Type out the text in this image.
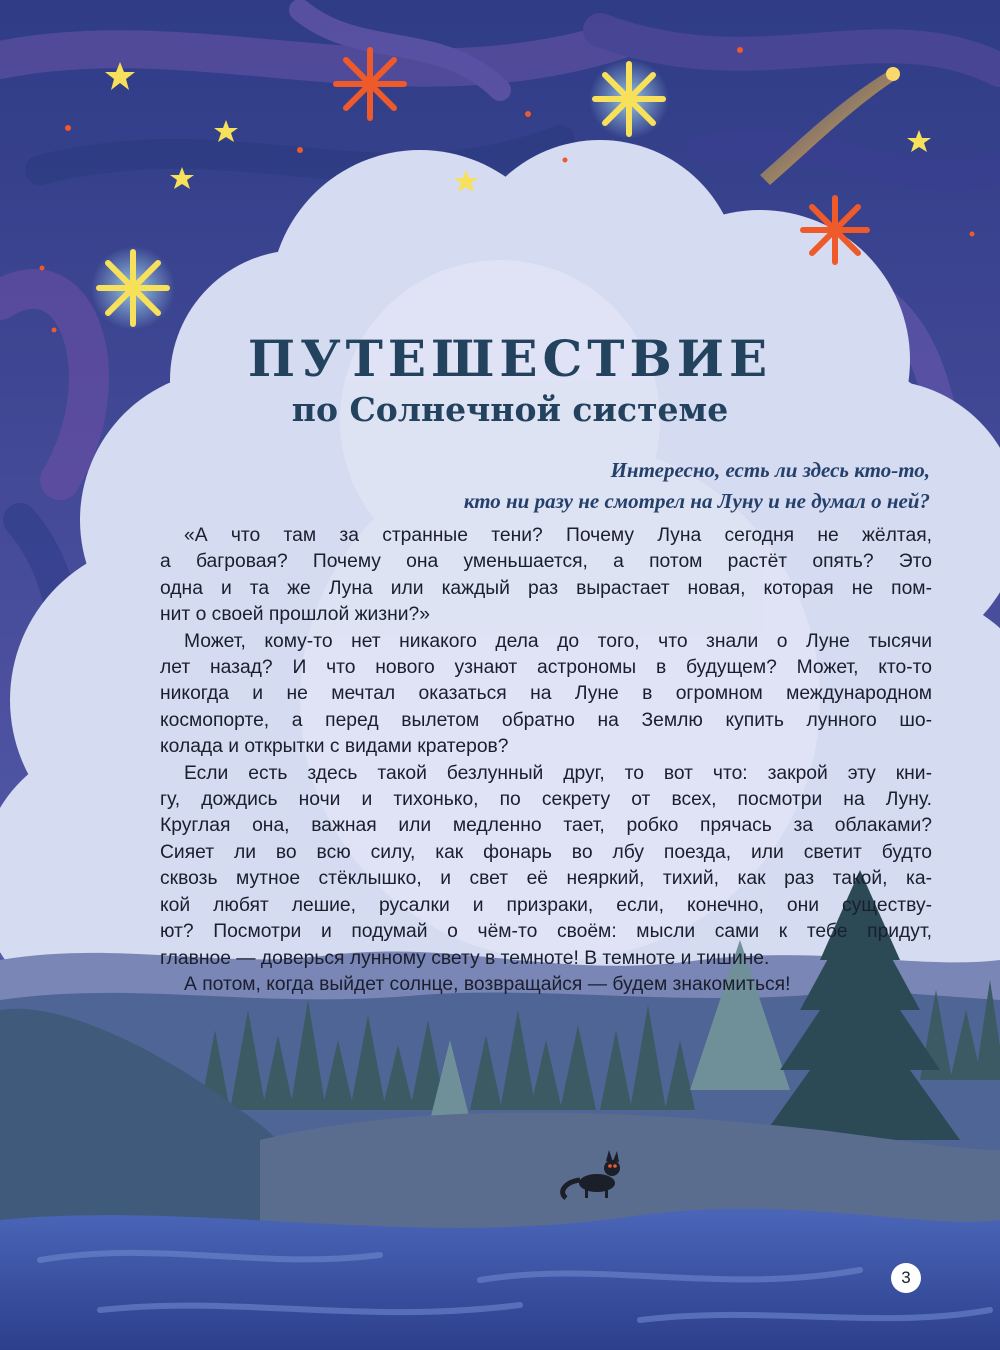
ПУТЕШЕСТВИЕ
по Солнечной системе
Интересно, есть ли здесь кто-то,
кто ни разу не смотрел на Луну и не думал о ней?

«А что там за странные тени? Почему Луна сегодня не жёлтая,

а багровая? Почему она уменьшается, а потом растёт опять? Это

одна и та же Луна или каждый раз вырастает новая, которая не пом-

нит о своей прошлой жизни?»

Может, кому-то нет никакого дела до того, что знали о Луне тысячи

лет назад? И что нового узнают астрономы в будущем? Может, кто-то

никогда и не мечтал оказаться на Луне в огромном международном

космопорте, а перед вылетом обратно на Землю купить лунного шо-

колада и открытки с видами кратеров?

Если есть здесь такой безлунный друг, то вот что: закрой эту кни-

гу, дождись ночи и тихонько, по секрету от всех, посмотри на Луну.

Круглая она, важная или медленно тает, робко прячась за облаками?

Сияет ли во всю силу, как фонарь во лбу поезда, или светит будто

сквозь мутное стёклышко, и свет её неяркий, тихий, как раз такой, ка-

кой любят лешие, русалки и призраки, если, конечно, они существу-

ют? Посмотри и подумай о чём-то своём: мысли сами к тебе придут,

главное — доверься лунному свету в темноте! В темноте и тишине.

А потом, когда выйдет солнце, возвращайся — будем знакомиться!

3
